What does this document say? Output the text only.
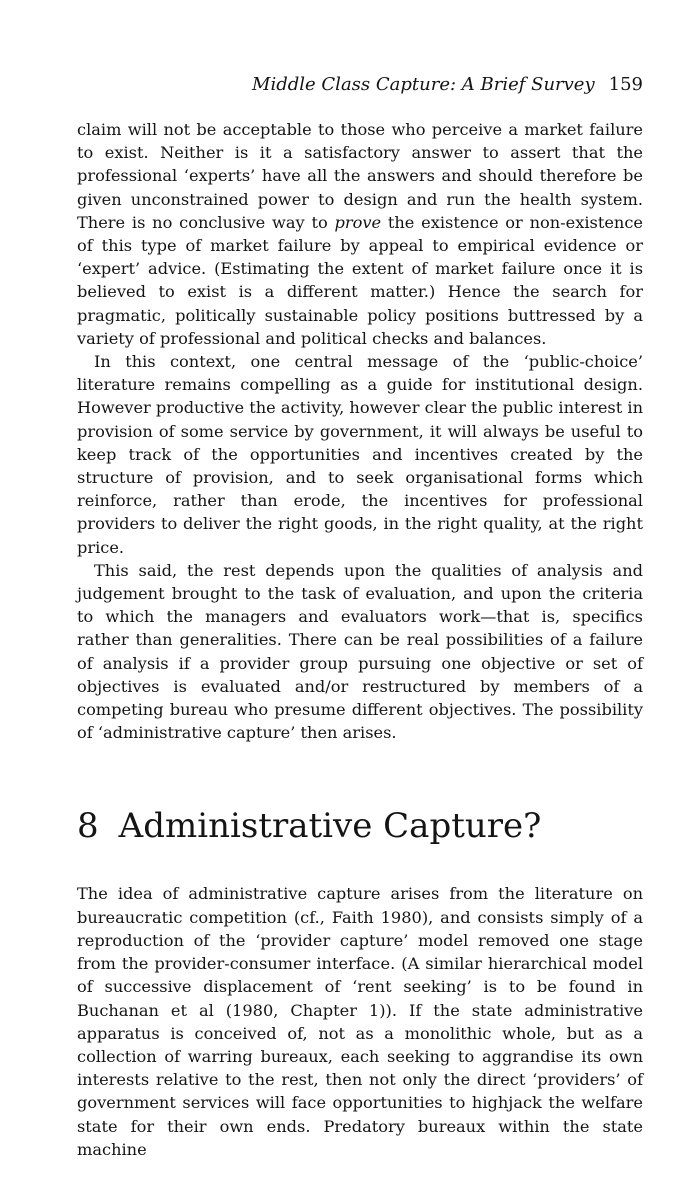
Middle Class Capture: A Brief Survey 159

claim will not be acceptable to those who perceive a market failure to exist. Neither is it a satisfactory answer to assert that the professional ‘experts’ have all the answers and should therefore be given unconstrained power to design and run the health system. There is no conclusive way to prove the existence or non-existence of this type of market failure by appeal to empirical evidence or ‘expert’ advice. (Estimating the extent of market failure once it is believed to exist is a different matter.) Hence the search for pragmatic, politically sustainable policy positions buttressed by a variety of professional and political checks and balances.

In this context, one central message of the ‘public-choice’ literature remains compelling as a guide for institutional design. However productive the activity, however clear the public interest in provision of some service by government, it will always be useful to keep track of the opportunities and incentives created by the structure of provision, and to seek organisational forms which reinforce, rather than erode, the incentives for professional providers to deliver the right goods, in the right quality, at the right price.

This said, the rest depends upon the qualities of analysis and judgement brought to the task of evaluation, and upon the criteria to which the managers and evaluators work—that is, specifics rather than generalities. There can be real possibilities of a failure of analysis if a provider group pursuing one objective or set of objectives is evaluated and/or restructured by members of a competing bureau who presume different objectives. The possibility of ‘administrative capture’ then arises.

8 Administrative Capture?

The idea of administrative capture arises from the literature on bureaucratic competition (cf., Faith 1980), and consists simply of a reproduction of the ‘provider capture’ model removed one stage from the provider-consumer interface. (A similar hierarchical model of successive displacement of ‘rent seeking’ is to be found in Buchanan et al (1980, Chapter 1)). If the state administrative apparatus is conceived of, not as a monolithic whole, but as a collection of warring bureaux, each seeking to aggrandise its own interests relative to the rest, then not only the direct ‘providers’ of government services will face opportunities to highjack the welfare state for their own ends. Predatory bureaux within the state machine
